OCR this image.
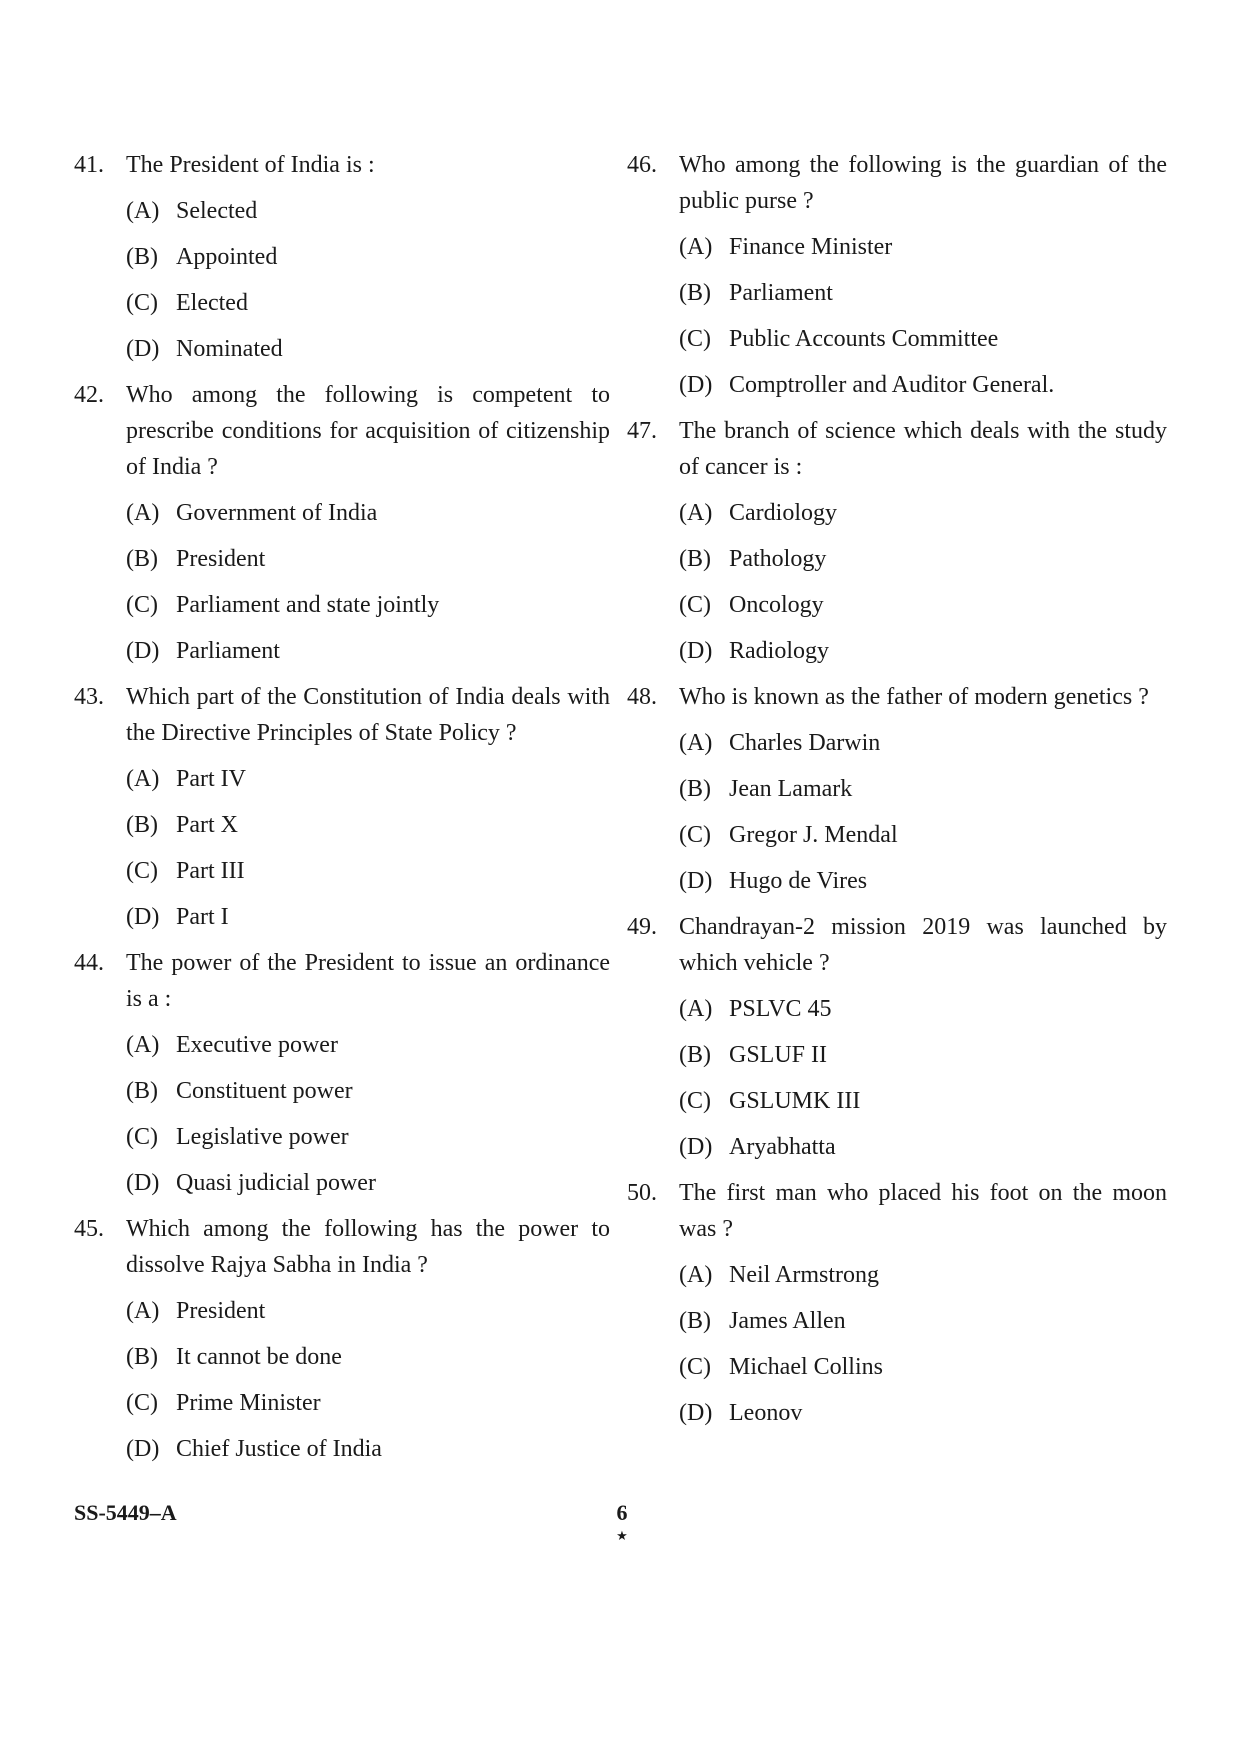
41. The President of India is :
(A) Selected
(B) Appointed
(C) Elected
(D) Nominated
42. Who among the following is competent to prescribe conditions for acquisition of citizenship of India ?
(A) Government of India
(B) President
(C) Parliament and state jointly
(D) Parliament
43. Which part of the Constitution of India deals with the Directive Principles of State Policy ?
(A) Part IV
(B) Part X
(C) Part III
(D) Part I
44. The power of the President to issue an ordinance is a :
(A) Executive power
(B) Constituent power
(C) Legislative power
(D) Quasi judicial power
45. Which among the following has the power to dissolve Rajya Sabha in India ?
(A) President
(B) It cannot be done
(C) Prime Minister
(D) Chief Justice of India
46. Who among the following is the guardian of the public purse ?
(A) Finance Minister
(B) Parliament
(C) Public Accounts Committee
(D) Comptroller and Auditor General.
47. The branch of science which deals with the study of cancer is :
(A) Cardiology
(B) Pathology
(C) Oncology
(D) Radiology
48. Who is known as the father of modern genetics ?
(A) Charles Darwin
(B) Jean Lamark
(C) Gregor J. Mendal
(D) Hugo de Vires
49. Chandrayan-2 mission 2019 was launched by which vehicle ?
(A) PSLVC 45
(B) GSLUF II
(C) GSLUMK III
(D) Aryabhatta
50. The first man who placed his foot on the moon was ?
(A) Neil Armstrong
(B) James Allen
(C) Michael Collins
(D) Leonov
SS-5449–A	6
★
